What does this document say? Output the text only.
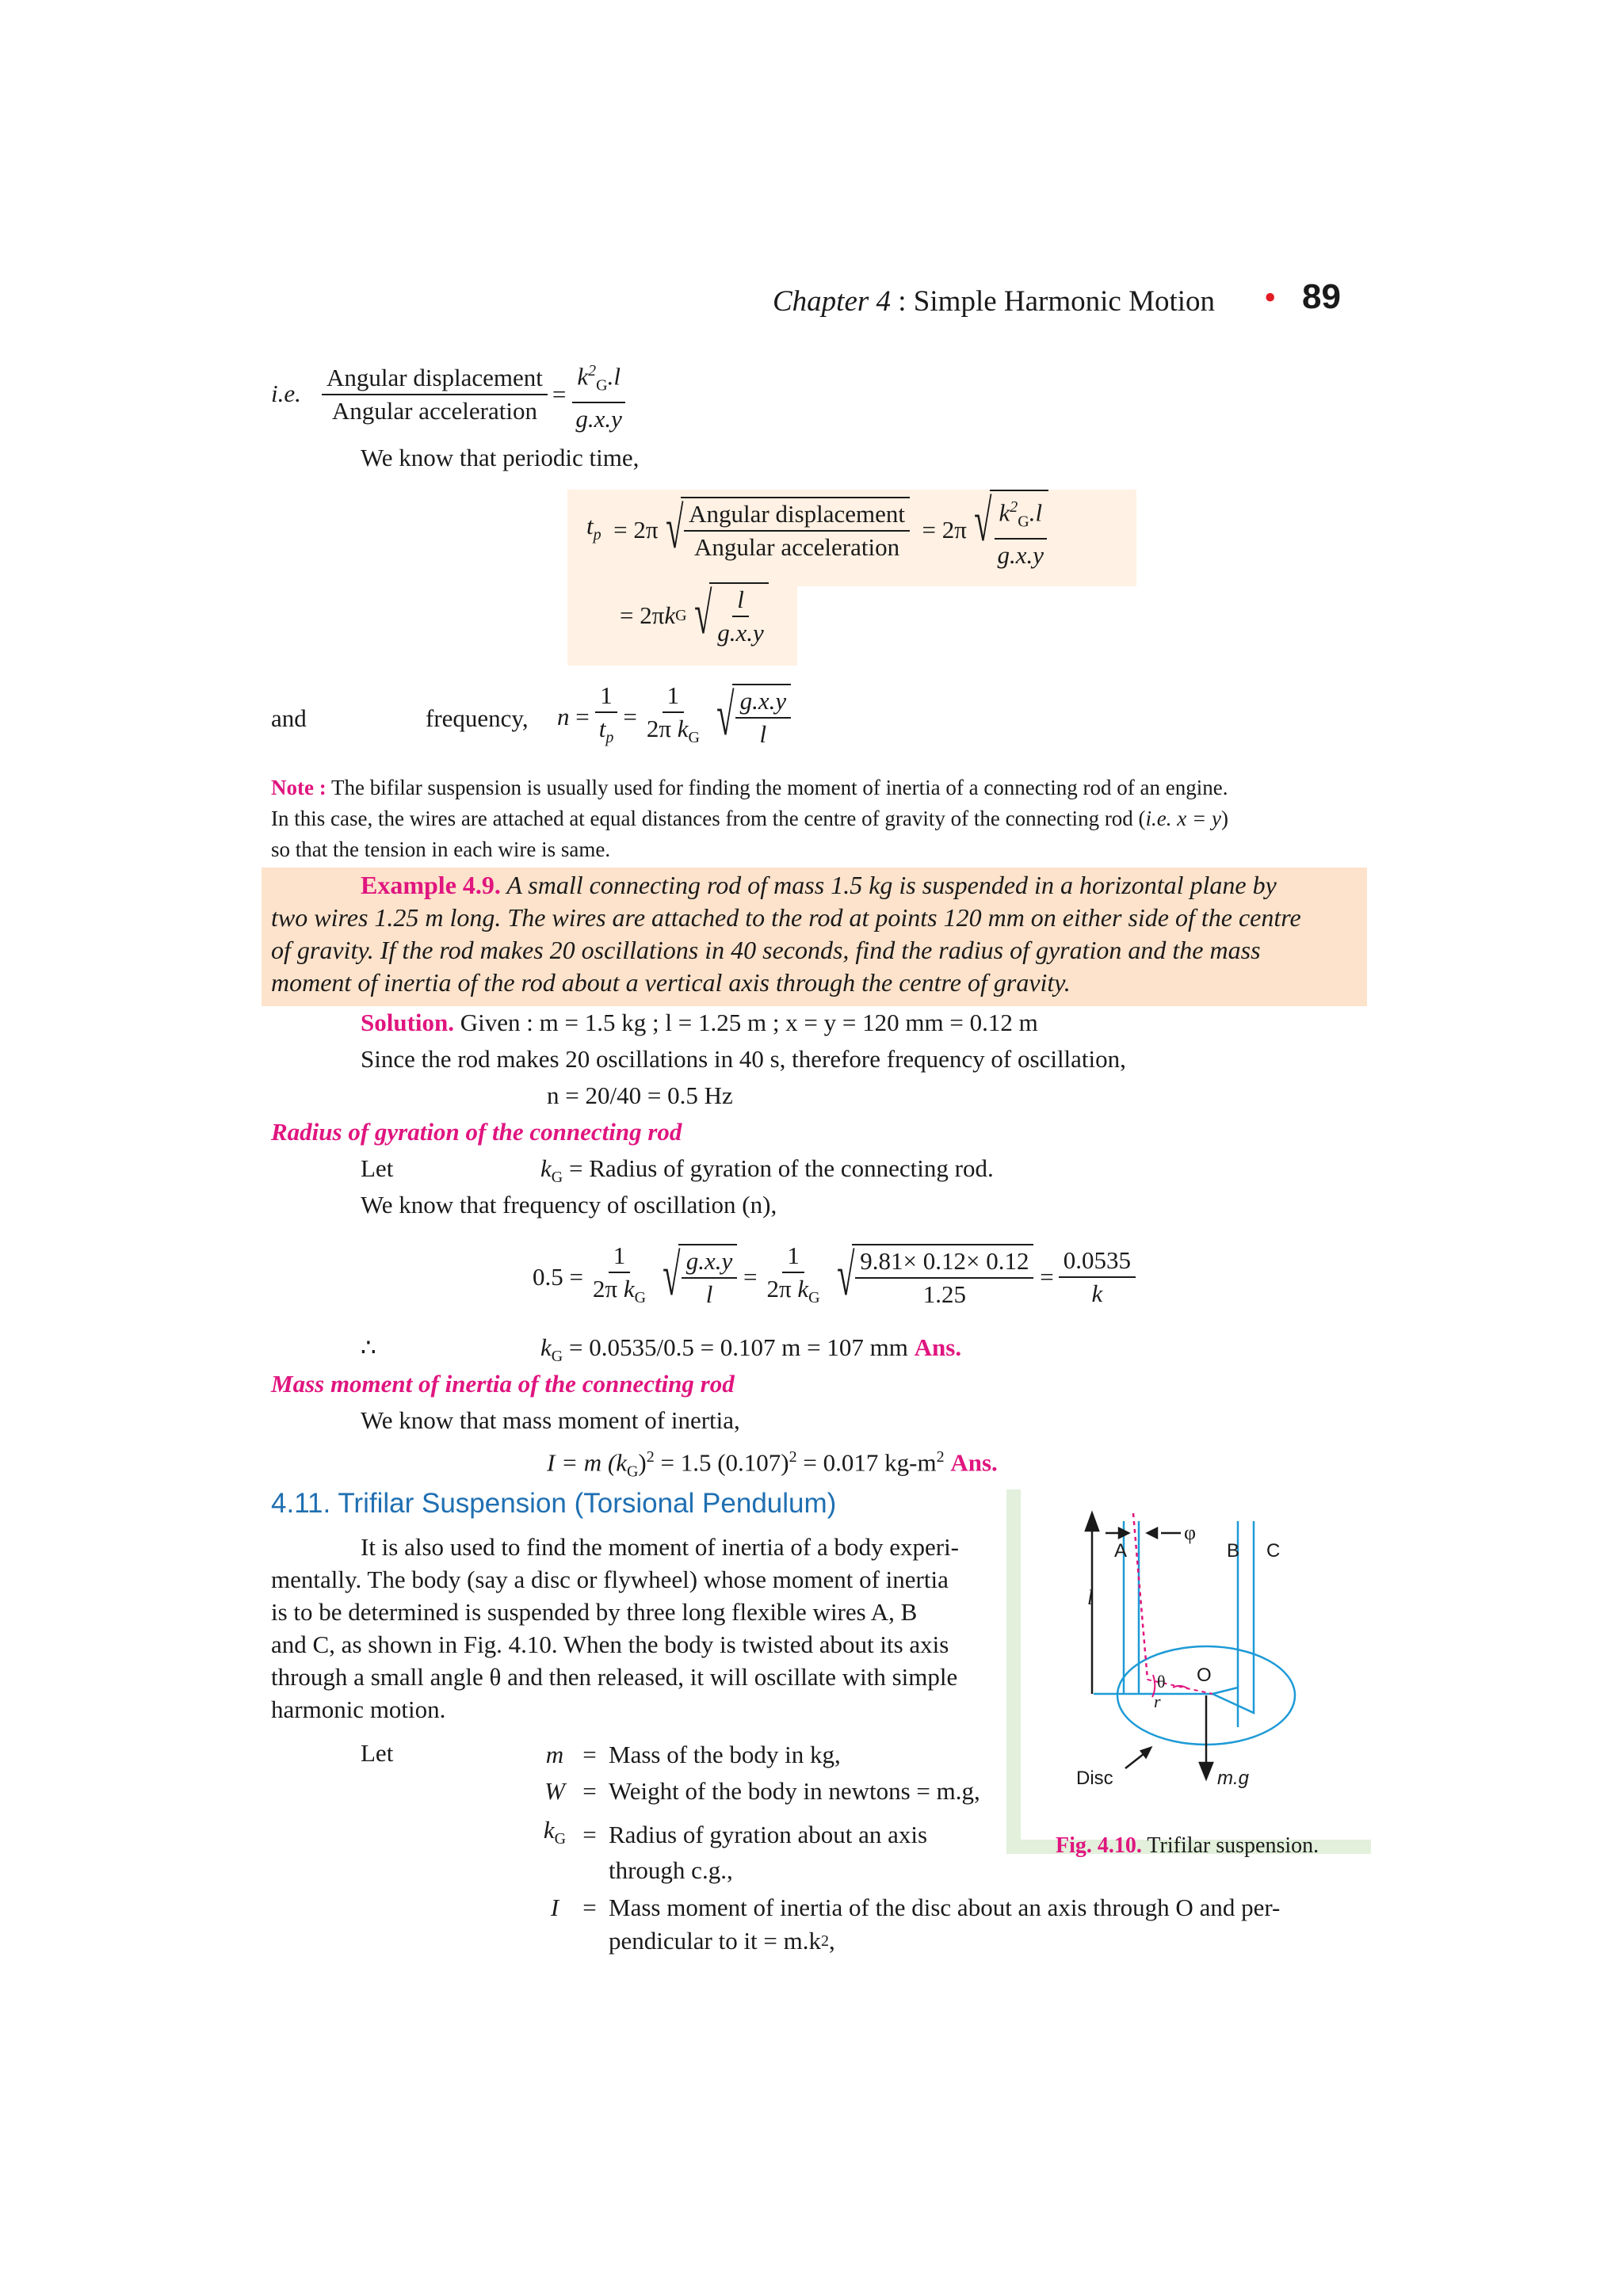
Chapter 4 : Simple Harmonic Motion • 89
i.e. $\frac{\text{Angular displacement}}{\text{Angular acceleration}} = \frac{k^2_G.l}{g.x.y}$
We know that periodic time,
$t_p = 2\pi$ √ $\frac{\text{Angular displacement}}{\text{Angular acceleration}} = 2\pi$ √ $\frac{k^2_G.l}{g.x.y}$
= 2π k G √ $\frac{l}{g.x.y}$
and	frequency, $n = \frac{1}{t_p} = \frac{1}{2\pi k_G}$ √ $\frac{g.x.y}{l}$
Note : The bifilar suspension is usually used for finding the moment of inertia of a connecting rod of an engine.
In this case, the wires are attached at equal distances from the centre of gravity of the connecting rod (i.e. x = y)
so that the tension in each wire is same.
Example 4.9. A small connecting rod of mass 1.5 kg is suspended in a horizontal plane by
two wires 1.25 m long. The wires are attached to the rod at points 120 mm on either side of the centre
of gravity. If the rod makes 20 oscillations in 40 seconds, find the radius of gyration and the mass
moment of inertia of the rod about a vertical axis through the centre of gravity.
Solution. Given : m = 1.5 kg ; l = 1.25 m ; x = y = 120 mm = 0.12 m
Since the rod makes 20 oscillations in 40 s, therefore frequency of oscillation,
n = 20/40 = 0.5 Hz
Radius of gyration of the connecting rod
Let	$k_G$ = Radius of gyration of the connecting rod.
We know that frequency of oscillation (n),
$0.5 = \frac{1}{2\pi k_G}$ √ $\frac{g.x.y}{l} = \frac{1}{2\pi k_G}$ √ $\frac{9.81\times 0.12\times 0.12}{1.25} = \frac{0.0535}{k}$
∴	$k_G = 0.0535/0.5 = 0.107$ m = 107 mm Ans.
Mass moment of inertia of the connecting rod
We know that mass moment of inertia,
I = m $(k_G)^2 = 1.5$ $(0.107)^2 = 0.017$ $kg-m^2$ Ans.
4.11. Trifilar Suspension (Torsional Pendulum)
It is also used to find the moment of inertia of a body experi-
mentally. The body (say a disc or flywheel) whose moment of inertia
is to be determined is suspended by three long flexible wires A, B
and C, as shown in Fig. 4.10. When the body is twisted about its axis
through a small angle θ and then released, it will oscillate with simple
harmonic motion.
Let	m = Mass of the body in kg,
W = Weight of the body in newtons = m.g,
$k_G$ = Radius of gyration about an axis
through c.g.,
I = Mass moment of inertia of the disc about an axis through O and per-
pendicular to it = m.k 2 ,
A	B C
O
Disc	m.g
l
φ
θ
r
Fig. 4.10. Trifilar suspension.
